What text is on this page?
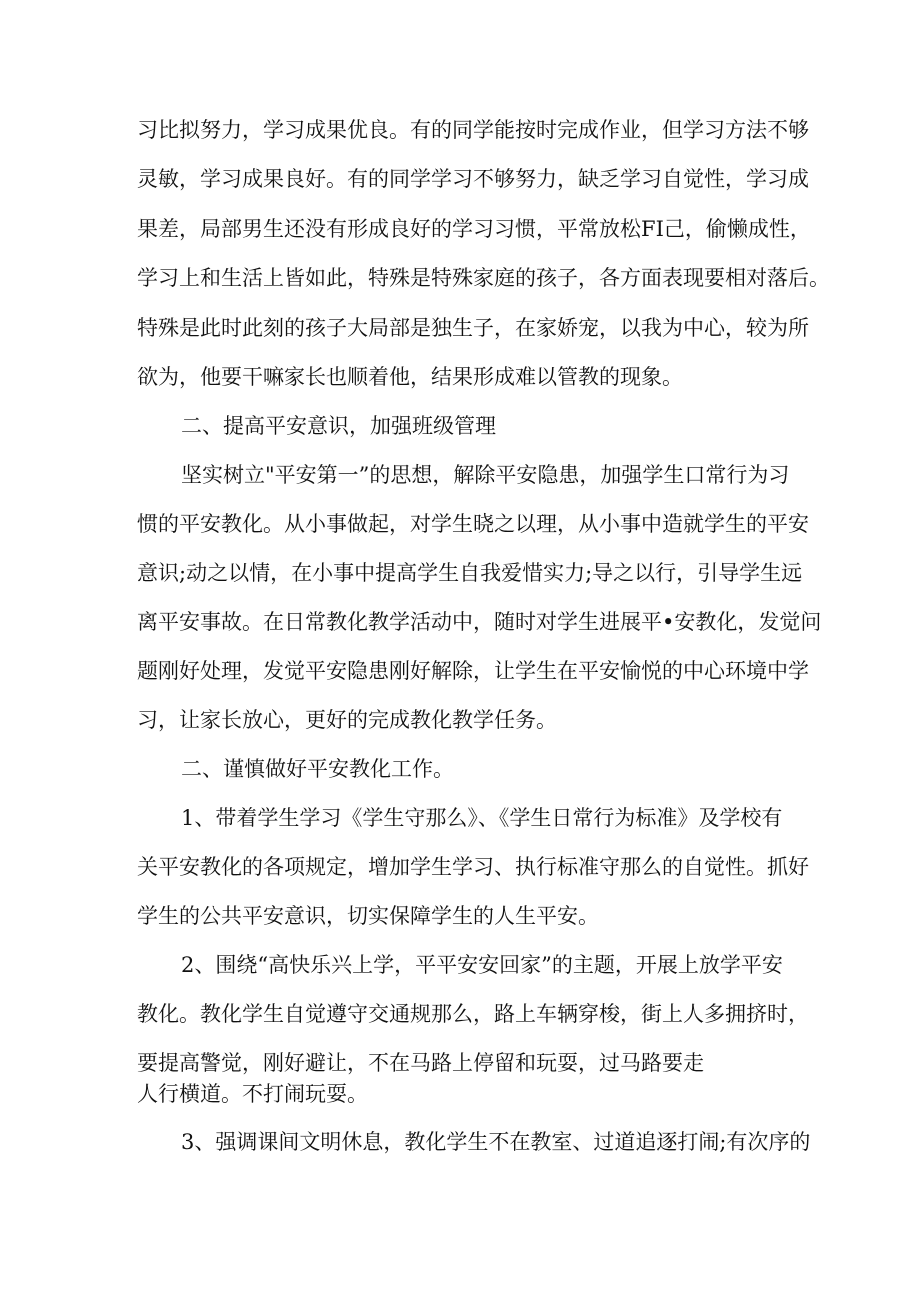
习比拟努力，学习成果优良。有的同学能按时完成作业，但学习方法不够
灵敏，学习成果良好。有的同学学习不够努力，缺乏学习自觉性，学习成
果差，局部男生还没有形成良好的学习习惯，平常放松FI己，偷懒成性，
学习上和生活上皆如此，特殊是特殊家庭的孩子，各方面表现要相对落后。
特殊是此时此刻的孩子大局部是独生子，在家娇宠，以我为中心，较为所
欲为，他要干嘛家长也顺着他，结果形成难以管教的现象。
二、提高平安意识，加强班级管理
坚实树立"平安第一”的思想，解除平安隐患，加强学生口常行为习
惯的平安教化。从小事做起，对学生晓之以理，从小事中造就学生的平安
意识;动之以情，在小事中提高学生自我爱惜实力;导之以行，引导学生远
离平安事故。在日常教化教学活动中，随时对学生进展平•安教化，发觉问
题刚好处理，发觉平安隐患刚好解除，让学生在平安愉悦的中心环境中学
习，让家长放心，更好的完成教化教学任务。
二、谨慎做好平安教化工作。
1、带着学生学习《学生守那么》、《学生日常行为标准》及学校有
关平安教化的各项规定，增加学生学习、执行标准守那么的自觉性。抓好
学生的公共平安意识，切实保障学生的人生平安。
2、围绕“高快乐兴上学，平平安安回家”的主题，开展上放学平安
教化。教化学生自觉遵守交通规那么，路上车辆穿梭，街上人多拥挤时，
要提高警觉，刚好避让，不在马路上停留和玩耍，过马路要走
人行横道。不打闹玩耍。
3、强调课间文明休息，教化学生不在教室、过道追逐打闹;有次序的
